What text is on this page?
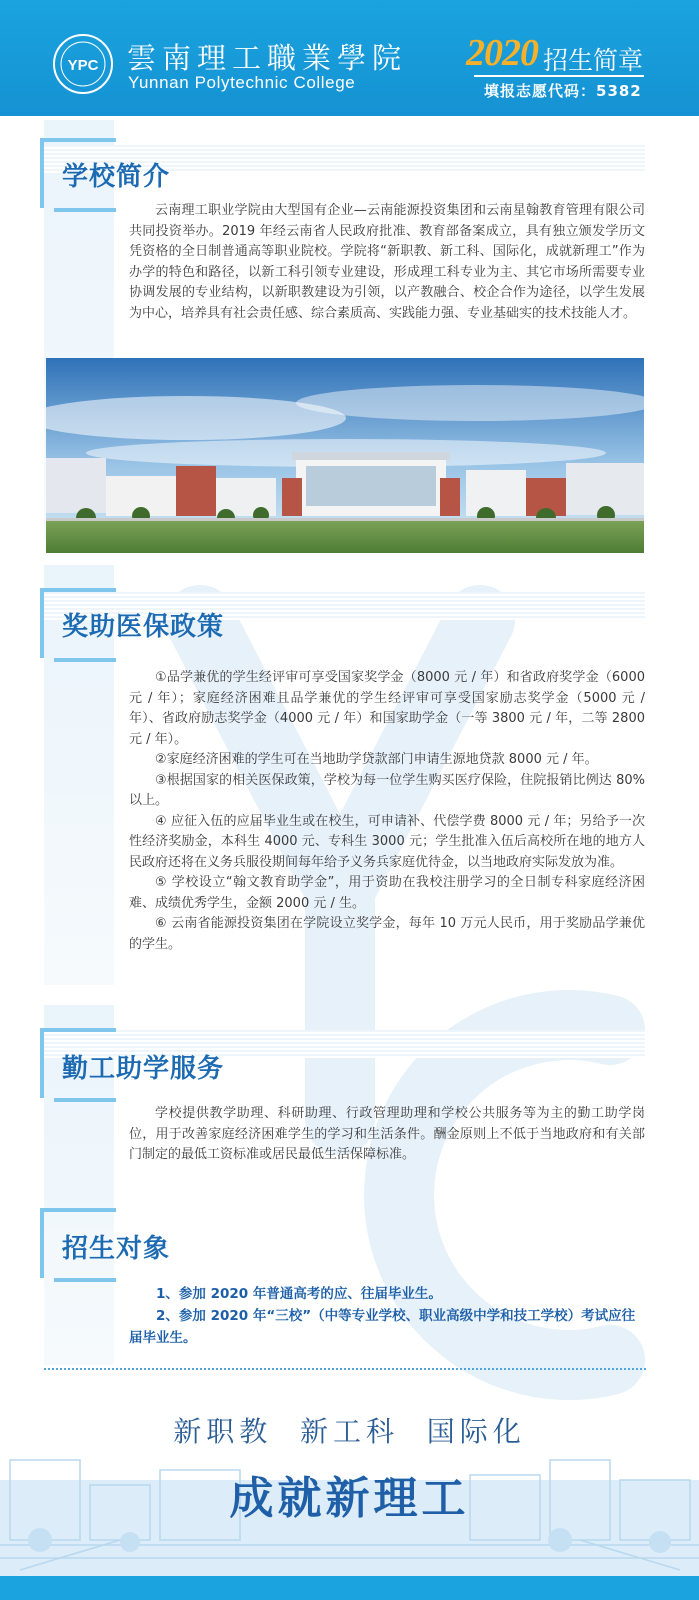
YPC 雲南理工職業學院
Yunnan Polytechnic College
2020 招生简章
填报志愿代码：5382
学校简介
云南理工职业学院由大型国有企业—云南能源投资集团和云南星翰教育管理有限公司共同投资举办。2019 年经云南省人民政府批准、教育部备案成立，具有独立颁发学历文凭资格的全日制普通高等职业院校。学院将“新职教、新工科、国际化，成就新理工”作为办学的特色和路径，以新工科引领专业建设，形成理工科专业为主、其它市场所需要专业协调发展的专业结构，以新职教建设为引领，以产教融合、校企合作为途径，以学生发展为中心，培养具有社会责任感、综合素质高、实践能力强、专业基础实的技术技能人才。
奖助医保政策

①品学兼优的学生经评审可享受国家奖学金（8000 元 / 年）和省政府奖学金（6000 元 / 年）；家庭经济困难且品学兼优的学生经评审可享受国家励志奖学金（5000 元 / 年）、省政府励志奖学金（4000 元 / 年）和国家助学金（一等 3800 元 / 年，二等 2800 元 / 年）。

②家庭经济困难的学生可在当地助学贷款部门申请生源地贷款 8000 元 / 年。

③根据国家的相关医保政策，学校为每一位学生购买医疗保险，住院报销比例达 80% 以上。

④ 应征入伍的应届毕业生或在校生，可申请补、代偿学费 8000 元 / 年；另给予一次性经济奖励金，本科生 4000 元、专科生 3000 元；学生批准入伍后高校所在地的地方人民政府还将在义务兵服役期间每年给予义务兵家庭优待金，以当地政府实际发放为准。

⑤ 学校设立“翰文教育助学金”，用于资助在我校注册学习的全日制专科家庭经济困难、成绩优秀学生，金额 2000 元 / 生。

⑥ 云南省能源投资集团在学院设立奖学金，每年 10 万元人民币，用于奖励品学兼优的学生。

勤工助学服务
学校提供教学助理、科研助理、行政管理助理和学校公共服务等为主的勤工助学岗位，用于改善家庭经济困难学生的学习和生活条件。酬金原则上不低于当地政府和有关部门制定的最低工资标准或居民最低生活保障标准。
招生对象

1、参加 2020 年普通高考的应、往届毕业生。

2、参加 2020 年“三校”（中等专业学校、职业高级中学和技工学校）考试应往届毕业生。

新职教  新工科  国际化
成就新理工
